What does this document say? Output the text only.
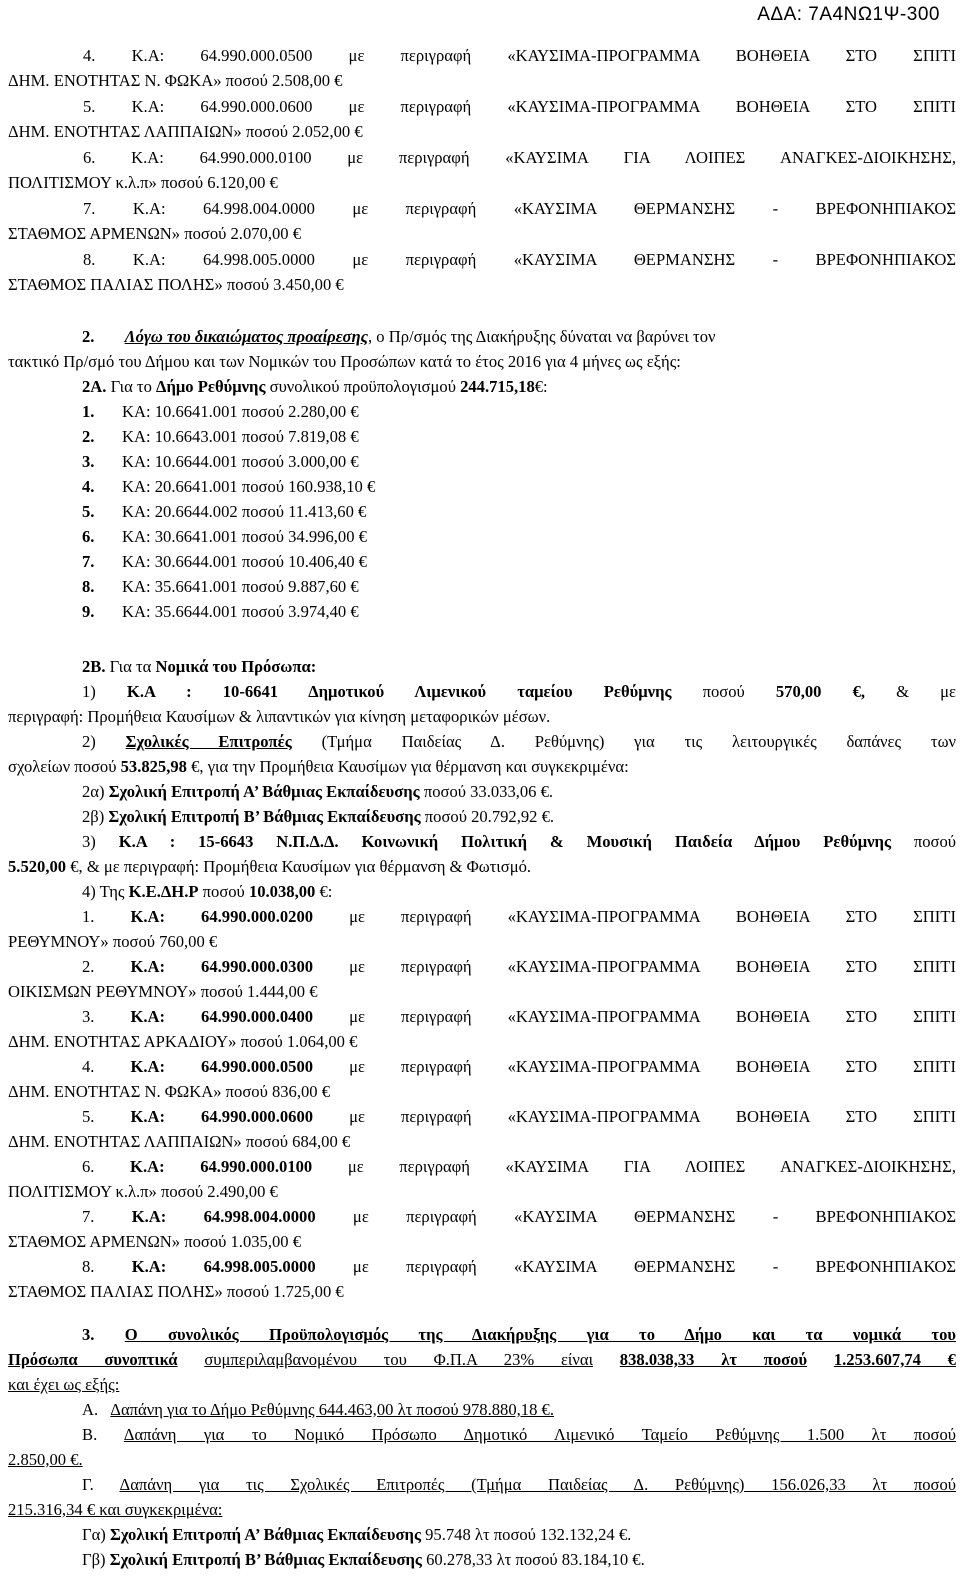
ΑΔΑ: 7Α4ΝΩ1Ψ-300
4. Κ.Α: 64.990.000.0500 με περιγραφή «ΚΑΥΣΙΜΑ-ΠΡΟΓΡΑΜΜΑ ΒΟΗΘΕΙΑ ΣΤΟ ΣΠΙΤΙ
ΔΗΜ. ΕΝΟΤΗΤΑΣ Ν. ΦΩΚΑ» ποσού 2.508,00 €
5. Κ.Α: 64.990.000.0600 με περιγραφή «ΚΑΥΣΙΜΑ-ΠΡΟΓΡΑΜΜΑ ΒΟΗΘΕΙΑ ΣΤΟ ΣΠΙΤΙ
ΔΗΜ. ΕΝΟΤΗΤΑΣ ΛΑΠΠΑΙΩΝ» ποσού 2.052,00 €
6. Κ.Α: 64.990.000.0100 με περιγραφή «ΚΑΥΣΙΜΑ ΓΙΑ ΛΟΙΠΕΣ ΑΝΑΓΚΕΣ-ΔΙΟΙΚΗΣΗΣ,
ΠΟΛΙΤΙΣΜΟΥ κ.λ.π» ποσού 6.120,00 €
7. Κ.Α: 64.998.004.0000 με περιγραφή «ΚΑΥΣΙΜΑ ΘΕΡΜΑΝΣΗΣ - ΒΡΕΦΟΝΗΠΙΑΚΟΣ
ΣΤΑΘΜΟΣ ΑΡΜΕΝΩΝ» ποσού 2.070,00 €
8. Κ.Α: 64.998.005.0000 με περιγραφή «ΚΑΥΣΙΜΑ ΘΕΡΜΑΝΣΗΣ - ΒΡΕΦΟΝΗΠΙΑΚΟΣ
ΣΤΑΘΜΟΣ ΠΑΛΙΑΣ ΠΟΛΗΣ» ποσού 3.450,00 €
2. Λόγω του δικαιώματος προαίρεσης, ο Πρ/σμός της Διακήρυξης δύναται να βαρύνει τον
τακτικό Πρ/σμό του Δήμου και των Νομικών του Προσώπων κατά το έτος 2016 για 4 μήνες ως εξής:
2Α. Για το Δήμο Ρεθύμνης συνολικού προϋπολογισμού 244.715,18€:
1. ΚΑ: 10.6641.001 ποσού 2.280,00 €
2. ΚΑ: 10.6643.001 ποσού 7.819,08 €
3. ΚΑ: 10.6644.001 ποσού 3.000,00 €
4. ΚΑ: 20.6641.001 ποσού 160.938,10 €
5. ΚΑ: 20.6644.002 ποσού 11.413,60 €
6. ΚΑ: 30.6641.001 ποσού 34.996,00 €
7. ΚΑ: 30.6644.001 ποσού 10.406,40 €
8. ΚΑ: 35.6641.001 ποσού 9.887,60 €
9. ΚΑ: 35.6644.001 ποσού 3.974,40 €
2Β. Για τα Νομικά του Πρόσωπα:
1) Κ.Α : 10-6641 Δημοτικού Λιμενικού ταμείου Ρεθύμνης ποσού 570,00 €, & με
περιγραφή: Προμήθεια Καυσίμων & λιπαντικών για κίνηση μεταφορικών μέσων.
2) Σχολικές Επιτροπές (Τμήμα Παιδείας Δ. Ρεθύμνης) για τις λειτουργικές δαπάνες των
σχολείων ποσού 53.825,98 €, για την Προμήθεια Καυσίμων για θέρμανση και συγκεκριμένα:
2α) Σχολική Επιτροπή Α’ Βάθμιας Εκπαίδευσης ποσού 33.033,06 €.
2β) Σχολική Επιτροπή Β’ Βάθμιας Εκπαίδευσης ποσού 20.792,92 €.
3) Κ.Α : 15-6643 Ν.Π.Δ.Δ. Κοινωνική Πολιτική & Μουσική Παιδεία Δήμου Ρεθύμνης ποσού
5.520,00 €, & με περιγραφή: Προμήθεια Καυσίμων για θέρμανση & Φωτισμό.
4) Της Κ.Ε.ΔΗ.Ρ ποσού 10.038,00 €:
1. Κ.Α: 64.990.000.0200 με περιγραφή «ΚΑΥΣΙΜΑ-ΠΡΟΓΡΑΜΜΑ ΒΟΗΘΕΙΑ ΣΤΟ ΣΠΙΤΙ
ΡΕΘΥΜΝΟΥ» ποσού 760,00 €
2. Κ.Α: 64.990.000.0300 με περιγραφή «ΚΑΥΣΙΜΑ-ΠΡΟΓΡΑΜΜΑ ΒΟΗΘΕΙΑ ΣΤΟ ΣΠΙΤΙ
ΟΙΚΙΣΜΩΝ ΡΕΘΥΜΝΟΥ» ποσού 1.444,00 €
3. Κ.Α: 64.990.000.0400 με περιγραφή «ΚΑΥΣΙΜΑ-ΠΡΟΓΡΑΜΜΑ ΒΟΗΘΕΙΑ ΣΤΟ ΣΠΙΤΙ
ΔΗΜ. ΕΝΟΤΗΤΑΣ ΑΡΚΑΔΙΟΥ» ποσού 1.064,00 €
4. Κ.Α: 64.990.000.0500 με περιγραφή «ΚΑΥΣΙΜΑ-ΠΡΟΓΡΑΜΜΑ ΒΟΗΘΕΙΑ ΣΤΟ ΣΠΙΤΙ
ΔΗΜ. ΕΝΟΤΗΤΑΣ Ν. ΦΩΚΑ» ποσού 836,00 €
5. Κ.Α: 64.990.000.0600 με περιγραφή «ΚΑΥΣΙΜΑ-ΠΡΟΓΡΑΜΜΑ ΒΟΗΘΕΙΑ ΣΤΟ ΣΠΙΤΙ
ΔΗΜ. ΕΝΟΤΗΤΑΣ ΛΑΠΠΑΙΩΝ» ποσού 684,00 €
6. Κ.Α: 64.990.000.0100 με περιγραφή «ΚΑΥΣΙΜΑ ΓΙΑ ΛΟΙΠΕΣ ΑΝΑΓΚΕΣ-ΔΙΟΙΚΗΣΗΣ,
ΠΟΛΙΤΙΣΜΟΥ κ.λ.π» ποσού 2.490,00 €
7. Κ.Α: 64.998.004.0000 με περιγραφή «ΚΑΥΣΙΜΑ ΘΕΡΜΑΝΣΗΣ - ΒΡΕΦΟΝΗΠΙΑΚΟΣ
ΣΤΑΘΜΟΣ ΑΡΜΕΝΩΝ» ποσού 1.035,00 €
8. Κ.Α: 64.998.005.0000 με περιγραφή «ΚΑΥΣΙΜΑ ΘΕΡΜΑΝΣΗΣ - ΒΡΕΦΟΝΗΠΙΑΚΟΣ
ΣΤΑΘΜΟΣ ΠΑΛΙΑΣ ΠΟΛΗΣ» ποσού 1.725,00 €
3. Ο συνολικός Προϋπολογισμός της Διακήρυξης για το Δήμο και τα νομικά του
Πρόσωπα συνοπτικά συμπεριλαμβανομένου του Φ.Π.Α 23% είναι 838.038,33 λτ ποσού 1.253.607,74 €
και έχει ως εξής:
Α. Δαπάνη για το Δήμο Ρεθύμνης 644.463,00 λτ ποσού 978.880,18 €.
Β. Δαπάνη για το Νομικό Πρόσωπο Δημοτικό Λιμενικό Ταμείο Ρεθύμνης 1.500 λτ ποσού
2.850,00 €.
Γ. Δαπάνη για τις Σχολικές Επιτροπές (Τμήμα Παιδείας Δ. Ρεθύμνης) 156.026,33 λτ ποσού
215.316,34 € και συγκεκριμένα:
Γα) Σχολική Επιτροπή Α’ Βάθμιας Εκπαίδευσης 95.748 λτ ποσού 132.132,24 €.
Γβ) Σχολική Επιτροπή Β’ Βάθμιας Εκπαίδευσης 60.278,33 λτ ποσού 83.184,10 €.
